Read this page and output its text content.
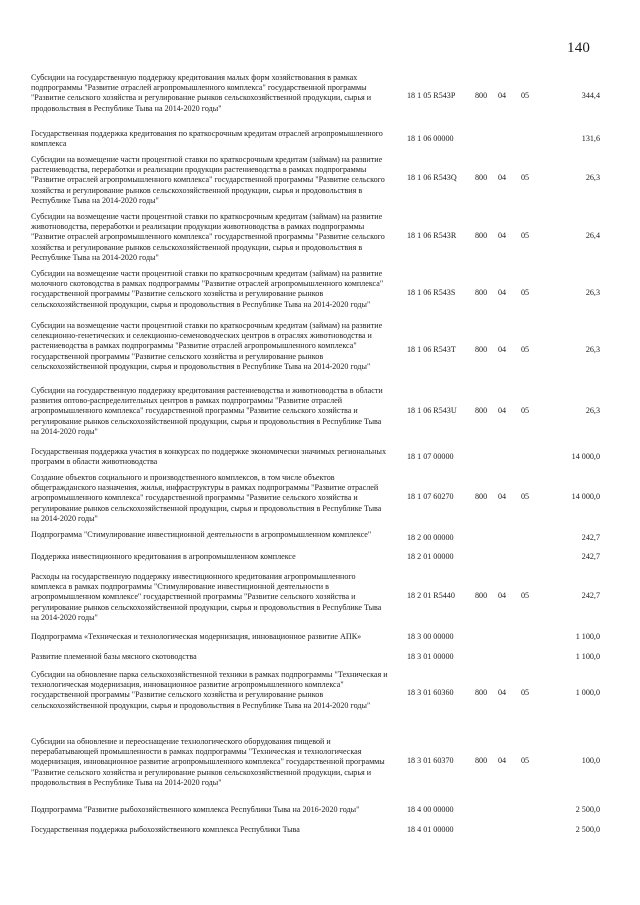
140
Субсидии на государственную поддержку кредитования малых форм хозяйствования в рамках подпрограммы "Развитие отраслей агропромышленного комплекса" государственной программы "Развитие сельского хозяйства и регулирование рынков сельскохозяйственной продукции, сырья и продовольствия в Республике Тыва на 2014-2020 годы"
18 1 05 R543P 800 04 05	344,4
Государственная поддержка кредитования по краткосрочным кредитам отраслей агропромышленного комплекса
18 1 06 00000	131,6
Субсидии на возмещение части процентной ставки по краткосрочным кредитам (займам) на развитие растениеводства, переработки и реализации продукции растениеводства в рамках подпрограммы "Развитие отраслей агропромышленного комплекса" государственной программы "Развитие сельского хозяйства и регулирование рынков сельскохозяйственной продукции, сырья и продовольствия в Республике Тыва на 2014-2020 годы"
18 1 06 R543Q 800 04 05	26,3
Субсидии на возмещение части процентной ставки по краткосрочным кредитам (займам) на развитие животноводства, переработки и реализации продукции животноводства в рамках подпрограммы "Развитие отраслей агропромышленного комплекса" государственной программы "Развитие сельского хозяйства и регулирование рынков сельскохозяйственной продукции, сырья и продовольствия в Республике Тыва на 2014-2020 годы"
18 1 06 R543R 800 04 05	26,4
Субсидии на возмещение части процентной ставки по краткосрочным кредитам (займам) на развитие молочного скотоводства в рамках подпрограммы "Развитие отраслей агропромышленного комплекса" государственной программы "Развитие сельского хозяйства и регулирование рынков сельскохозяйственной продукции, сырья и продовольствия в Республике Тыва на 2014-2020 годы"
18 1 06 R543S 800 04 05	26,3
Субсидии на возмещение части процентной ставки по краткосрочным кредитам (займам) на развитие селекционно-генетических и селекционно-семеноводческих центров в отраслях животноводства и растениеводства в рамках подпрограммы "Развитие отраслей агропромышленного комплекса" государственной программы "Развитие сельского хозяйства и регулирование рынков сельскохозяйственной продукции, сырья и продовольствия в Республике Тыва на 2014-2020 годы"
18 1 06 R543T 800 04 05	26,3
Субсидии на государственную поддержку кредитования растениеводства и животноводства в области развития оптово-распределительных центров в рамках подпрограммы "Развитие отраслей агропромышленного комплекса" государственной программы "Развитие сельского хозяйства и регулирование рынков сельскохозяйственной продукции, сырья и продовольствия в Республике Тыва на 2014-2020 годы"
18 1 06 R543U 800 04 05	26,3
Государственная поддержка участия в конкурсах по поддержке экономически значимых региональных программ в области животноводства
18 1 07 00000	14 000,0
Создание объектов социального и производственного комплексов, в том числе объектов общегражданского назначения, жилья, инфраструктуры в рамках подпрограммы "Развитие отраслей агропромышленного комплекса" государственной программы "Развитие сельского хозяйства и регулирование рынков сельскохозяйственной продукции, сырья и продовольствия в Республике Тыва на 2014-2020 годы"
18 1 07 60270	800 04 05	14 000,0
Подпрограмма "Стимулирование инвестиционной деятельности в агропромышленном комплексе"	18 2 00 00000	242,7
Поддержка инвестиционного кредитования в агропромышленном комплексе	18 2 01 00000	242,7
Расходы на государственную поддержку инвестиционного кредитования агропромышленного комплекса в рамках подпрограммы "Стимулирование инвестиционной деятельности в агропромышленном комплексе" государственной программы "Развитие сельского хозяйства и регулирование рынков сельскохозяйственной продукции, сырья и продовольствия в Республике Тыва на 2014-2020 годы"
18 2 01 R5440 800 04 05	242,7
Подпрограмма «Техническая и технологическая модернизация, инновационное развитие АПК»	18 3 00 00000	1 100,0
Развитие племенной базы мясного скотоводства	18 3 01 00000	1 100,0
Субсидии на обновление парка сельскохозяйственной техники в рамках подпрограммы "Техническая и технологическая модернизация, инновационное развитие агропромышленного комплекса" государственной программы "Развитие сельского хозяйства и регулирование рынков сельскохозяйственной продукции, сырья и продовольствия в Республике Тыва на 2014-2020 годы"
18 3 01 60360	800 04 05	1 000,0
Субсидии на обновление и переоснащение технологического оборудования пищевой и перерабатывающей промышленности в рамках подпрограммы "Техническая и технологическая модернизация, инновационное развитие агропромышленного комплекса" государственной программы "Развитие сельского хозяйства и регулирование рынков сельскохозяйственной продукции, сырья и продовольствия в Республике Тыва на 2014-2020 годы"
18 3 01 60370	800 04 05	100,0
Подпрограмма "Развитие рыбохозяйственного комплекса Республики Тыва на 2016-2020 годы"	18 4 00 00000	2 500,0
Государственная поддержка рыбохозяйственного комплекса Республики Тыва	18 4 01 00000	2 500,0
